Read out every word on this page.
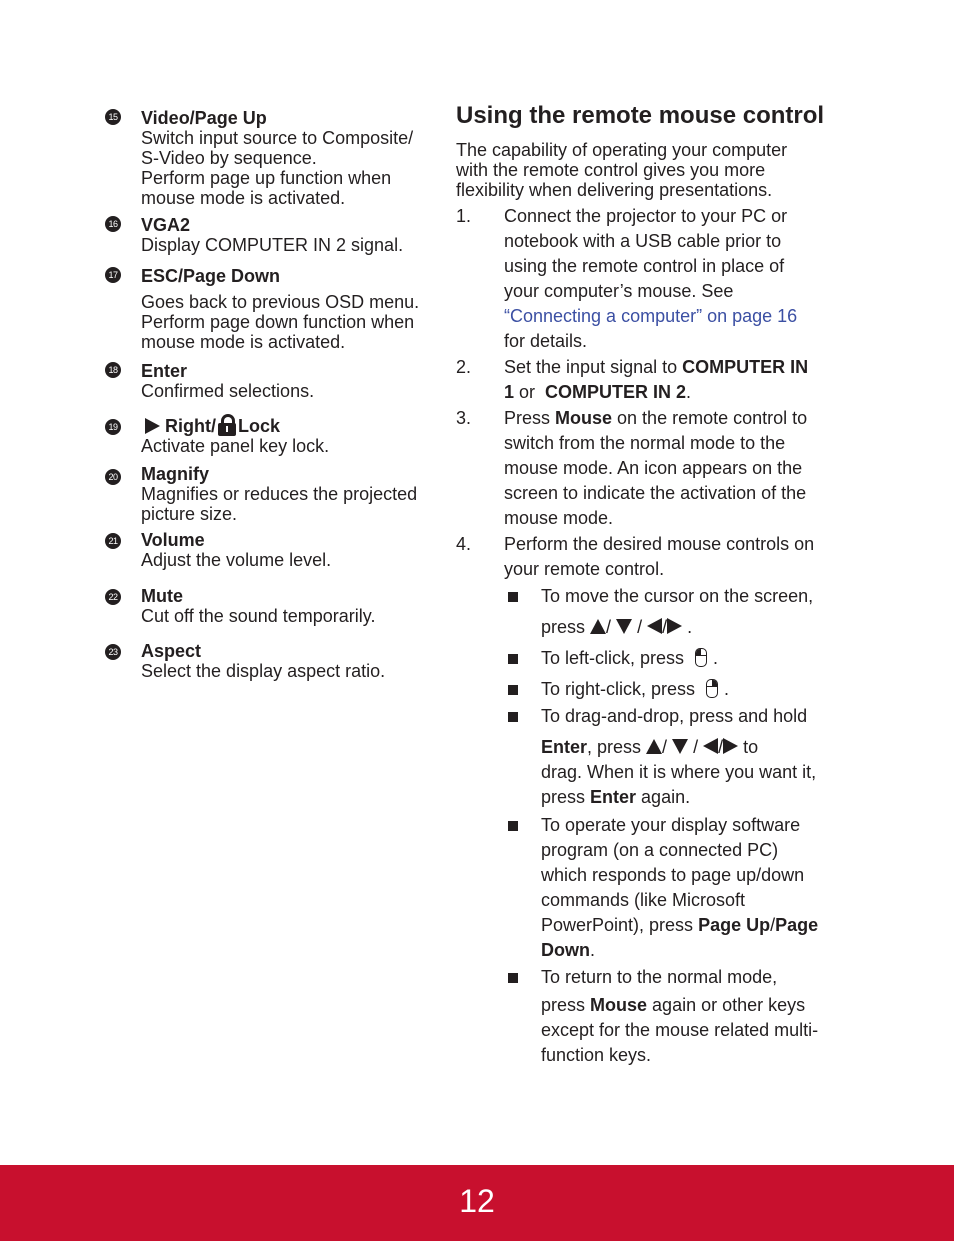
15 Video/Page Up
Switch input source to Composite/
S-Video by sequence.
Perform page up function when
mouse mode is activated.
16 VGA2
Display COMPUTER IN 2 signal.
17 ESC/Page Down
Goes back to previous OSD menu.
Perform page down function when
mouse mode is activated.
18 Enter
Confirmed selections.
19	Right/ Lock
Activate panel key lock.
20 Magnify
Magnifies or reduces the projected
picture size.
21 Volume
Adjust the volume level.
22 Mute
Cut off the sound temporarily.
23 Aspect
Select the display aspect ratio.
Using the remote mouse control
The capability of operating your computer
with the remote control gives you more
flexibility when delivering presentations.
1. Connect the projector to your PC or
notebook with a USB cable prior to
using the remote control in place of
your computer’s mouse. See
“Connecting a computer” on page 16
for details.
2. Set the input signal to COMPUTER IN
1 or  COMPUTER IN 2.
3. Press Mouse on the remote control to
switch from the normal mode to the
mouse mode. An icon appears on the
screen to indicate the activation of the
mouse mode.
4. Perform the desired mouse controls on
your remote control.
To move the cursor on the screen,
press /  / / .
To left-click, press .
To right-click, press .
To drag-and-drop, press and hold
Enter, press /  / / to
drag. When it is where you want it,
press Enter again.
To operate your display software
program (on a connected PC)
which responds to page up/down
commands (like Microsoft
PowerPoint), press Page Up/Page
Down.
To return to the normal mode,
press Mouse again or other keys
except for the mouse related multi-
function keys.
12
